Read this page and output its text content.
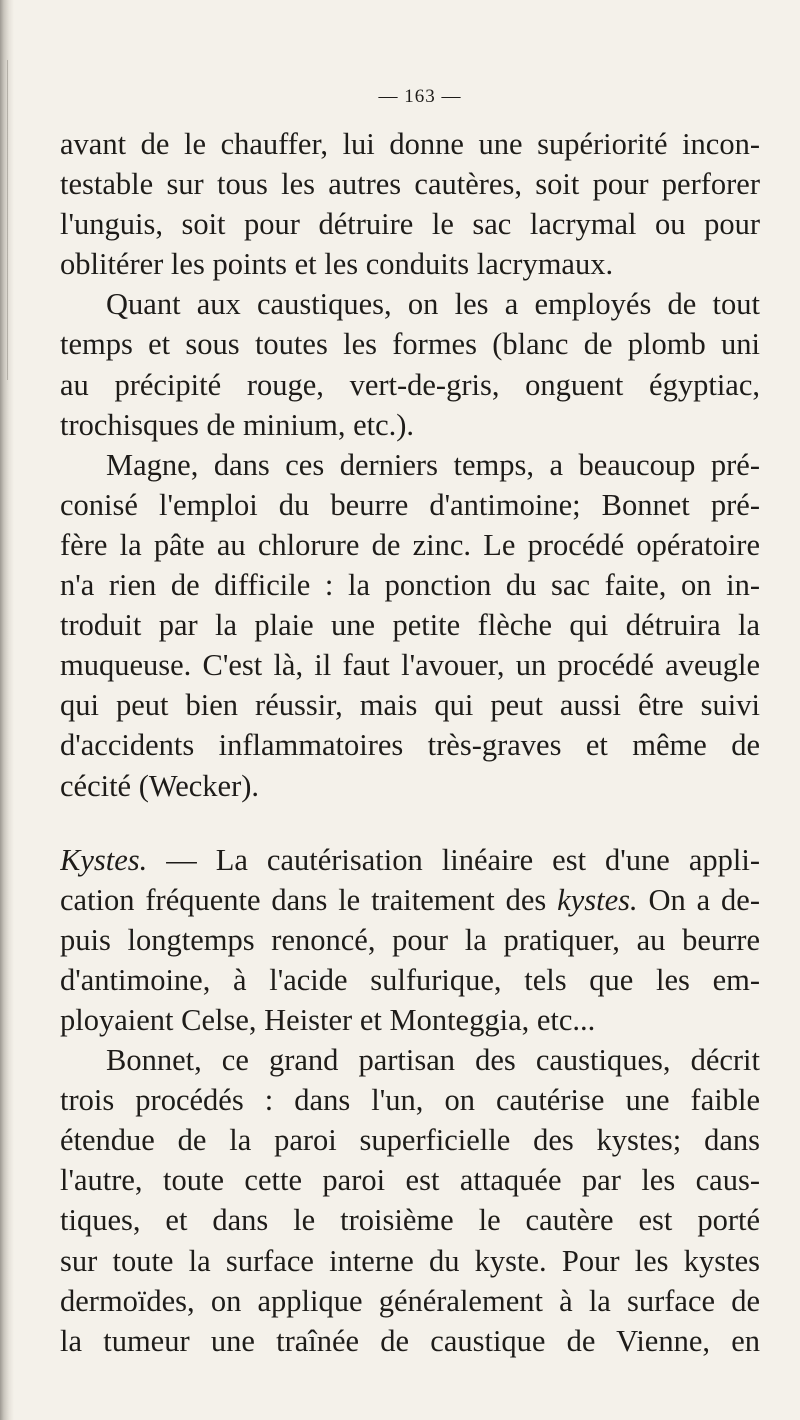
— 163 —
avant de le chauffer, lui donne une supériorité incon-
testable sur tous les autres cautères, soit pour perforer
l'unguis, soit pour détruire le sac lacrymal ou pour
oblitérer les points et les conduits lacrymaux.
Quant aux caustiques, on les a employés de tout
temps et sous toutes les formes (blanc de plomb uni
au précipité rouge, vert-de-gris, onguent égyptiac,
trochisques de minium, etc.).
Magne, dans ces derniers temps, a beaucoup pré-
conisé l'emploi du beurre d'antimoine; Bonnet pré-
fère la pâte au chlorure de zinc. Le procédé opératoire
n'a rien de difficile : la ponction du sac faite, on in-
troduit par la plaie une petite flèche qui détruira la
muqueuse. C'est là, il faut l'avouer, un procédé aveugle
qui peut bien réussir, mais qui peut aussi être suivi
d'accidents inflammatoires très-graves et même de
cécité (Wecker).
Kystes. — La cautérisation linéaire est d'une appli-
cation fréquente dans le traitement des kystes. On a de-
puis longtemps renoncé, pour la pratiquer, au beurre
d'antimoine, à l'acide sulfurique, tels que les em-
ployaient Celse, Heister et Monteggia, etc...
Bonnet, ce grand partisan des caustiques, décrit
trois procédés : dans l'un, on cautérise une faible
étendue de la paroi superficielle des kystes; dans
l'autre, toute cette paroi est attaquée par les caus-
tiques, et dans le troisième le cautère est porté
sur toute la surface interne du kyste. Pour les kystes
dermoïdes, on applique généralement à la surface de
la tumeur une traînée de caustique de Vienne, en
